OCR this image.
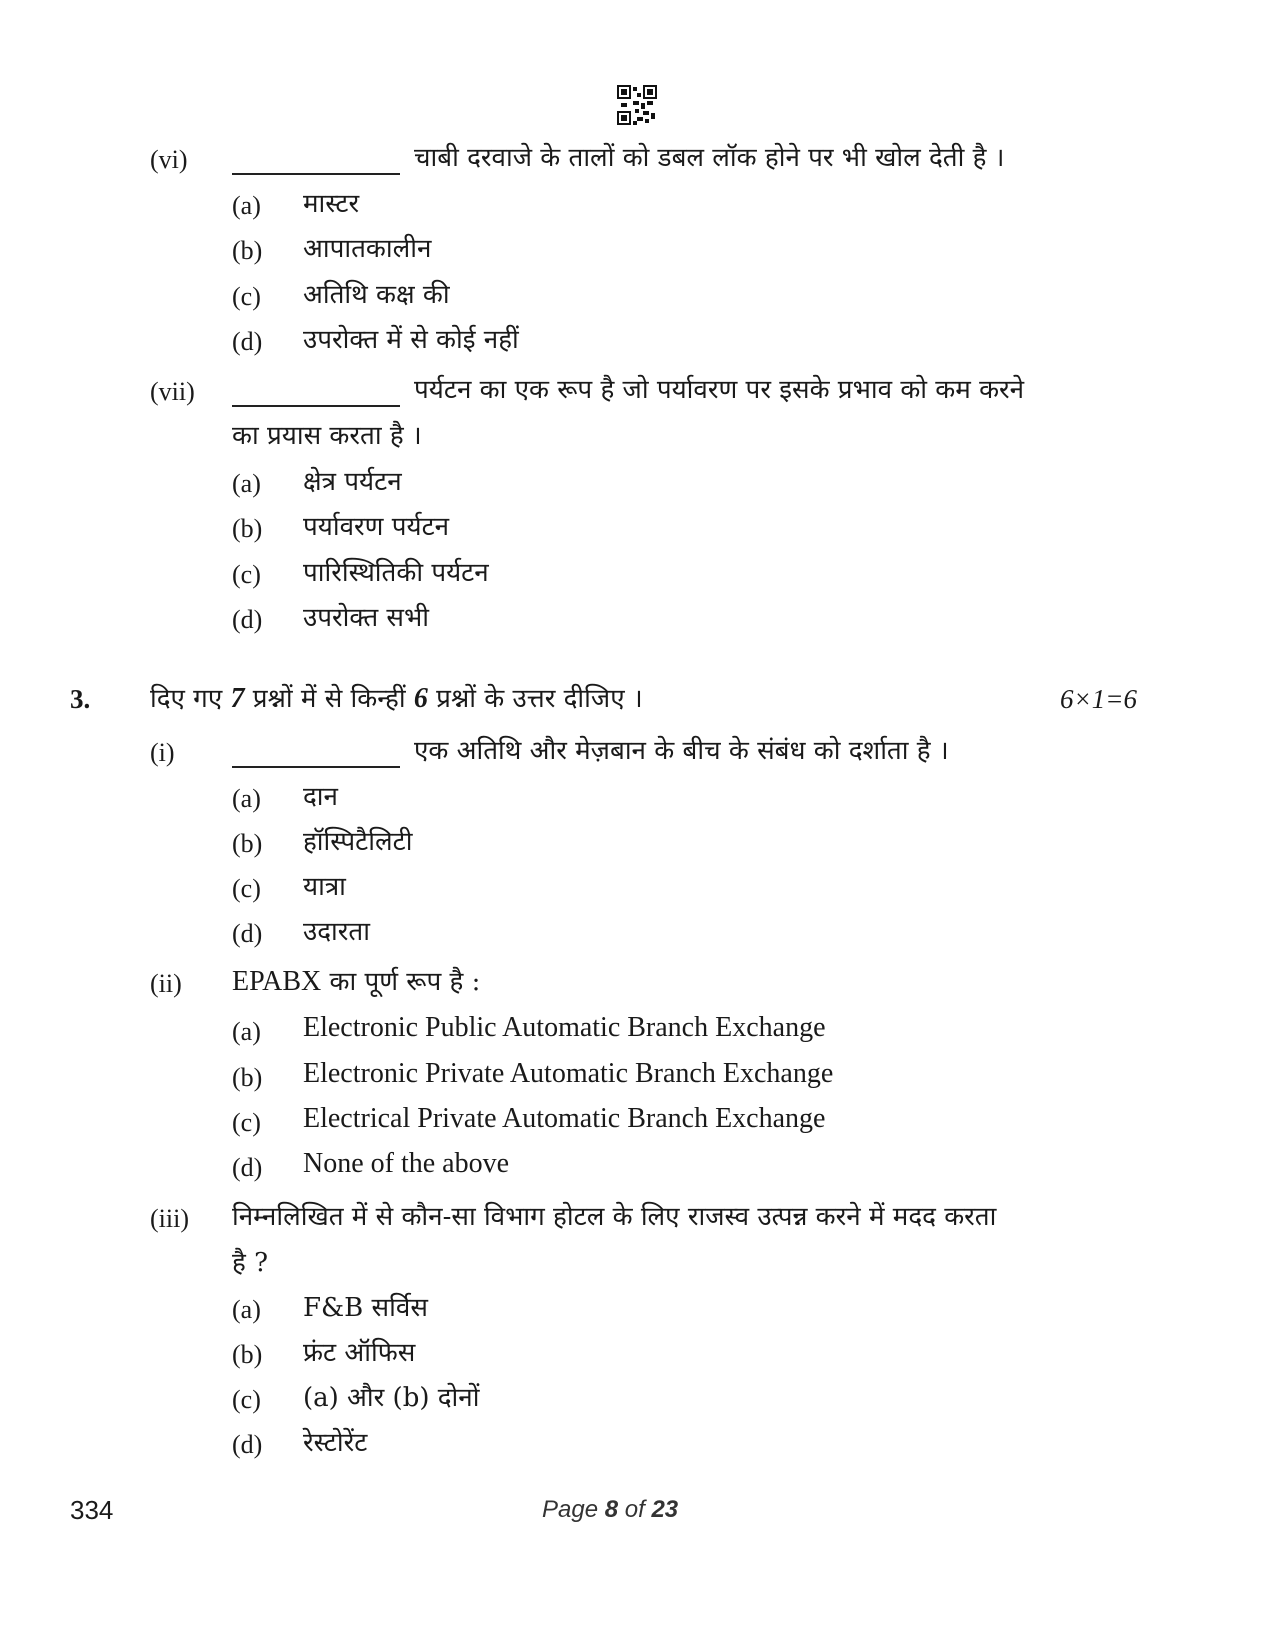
(vi)	चाबी दरवाजे के तालों को डबल लॉक होने पर भी खोल देती है ।
(a) मास्टर
(b) आपातकालीन
(c) अतिथि कक्ष की
(d) उपरोक्त में से कोई नहीं
(vii)	पर्यटन का एक रूप है जो पर्यावरण पर इसके प्रभाव को कम करने
का प्रयास करता है ।
(a) क्षेत्र पर्यटन
(b) पर्यावरण पर्यटन
(c) पारिस्थितिकी पर्यटन
(d) उपरोक्त सभी
3. दिए गए 7 प्रश्नों में से किन्हीं 6 प्रश्नों के उत्तर दीजिए ।	6×1=6
(i)	एक अतिथि और मेज़बान के बीच के संबंध को दर्शाता है ।
(a) दान
(b) हॉस्पिटैलिटी
(c) यात्रा
(d) उदारता
(ii) EPABX का पूर्ण रूप है :
(a) Electronic Public Automatic Branch Exchange
(b) Electronic Private Automatic Branch Exchange
(c) Electrical Private Automatic Branch Exchange
(d) None of the above
(iii) निम्नलिखित में से कौन-सा विभाग होटल के लिए राजस्व उत्पन्न करने में मदद करता
है ?
(a) F&B सर्विस
(b) फ्रंट ऑफिस
(c) (a) और (b) दोनों
(d) रेस्टोरेंट
334	Page 8 of 23
